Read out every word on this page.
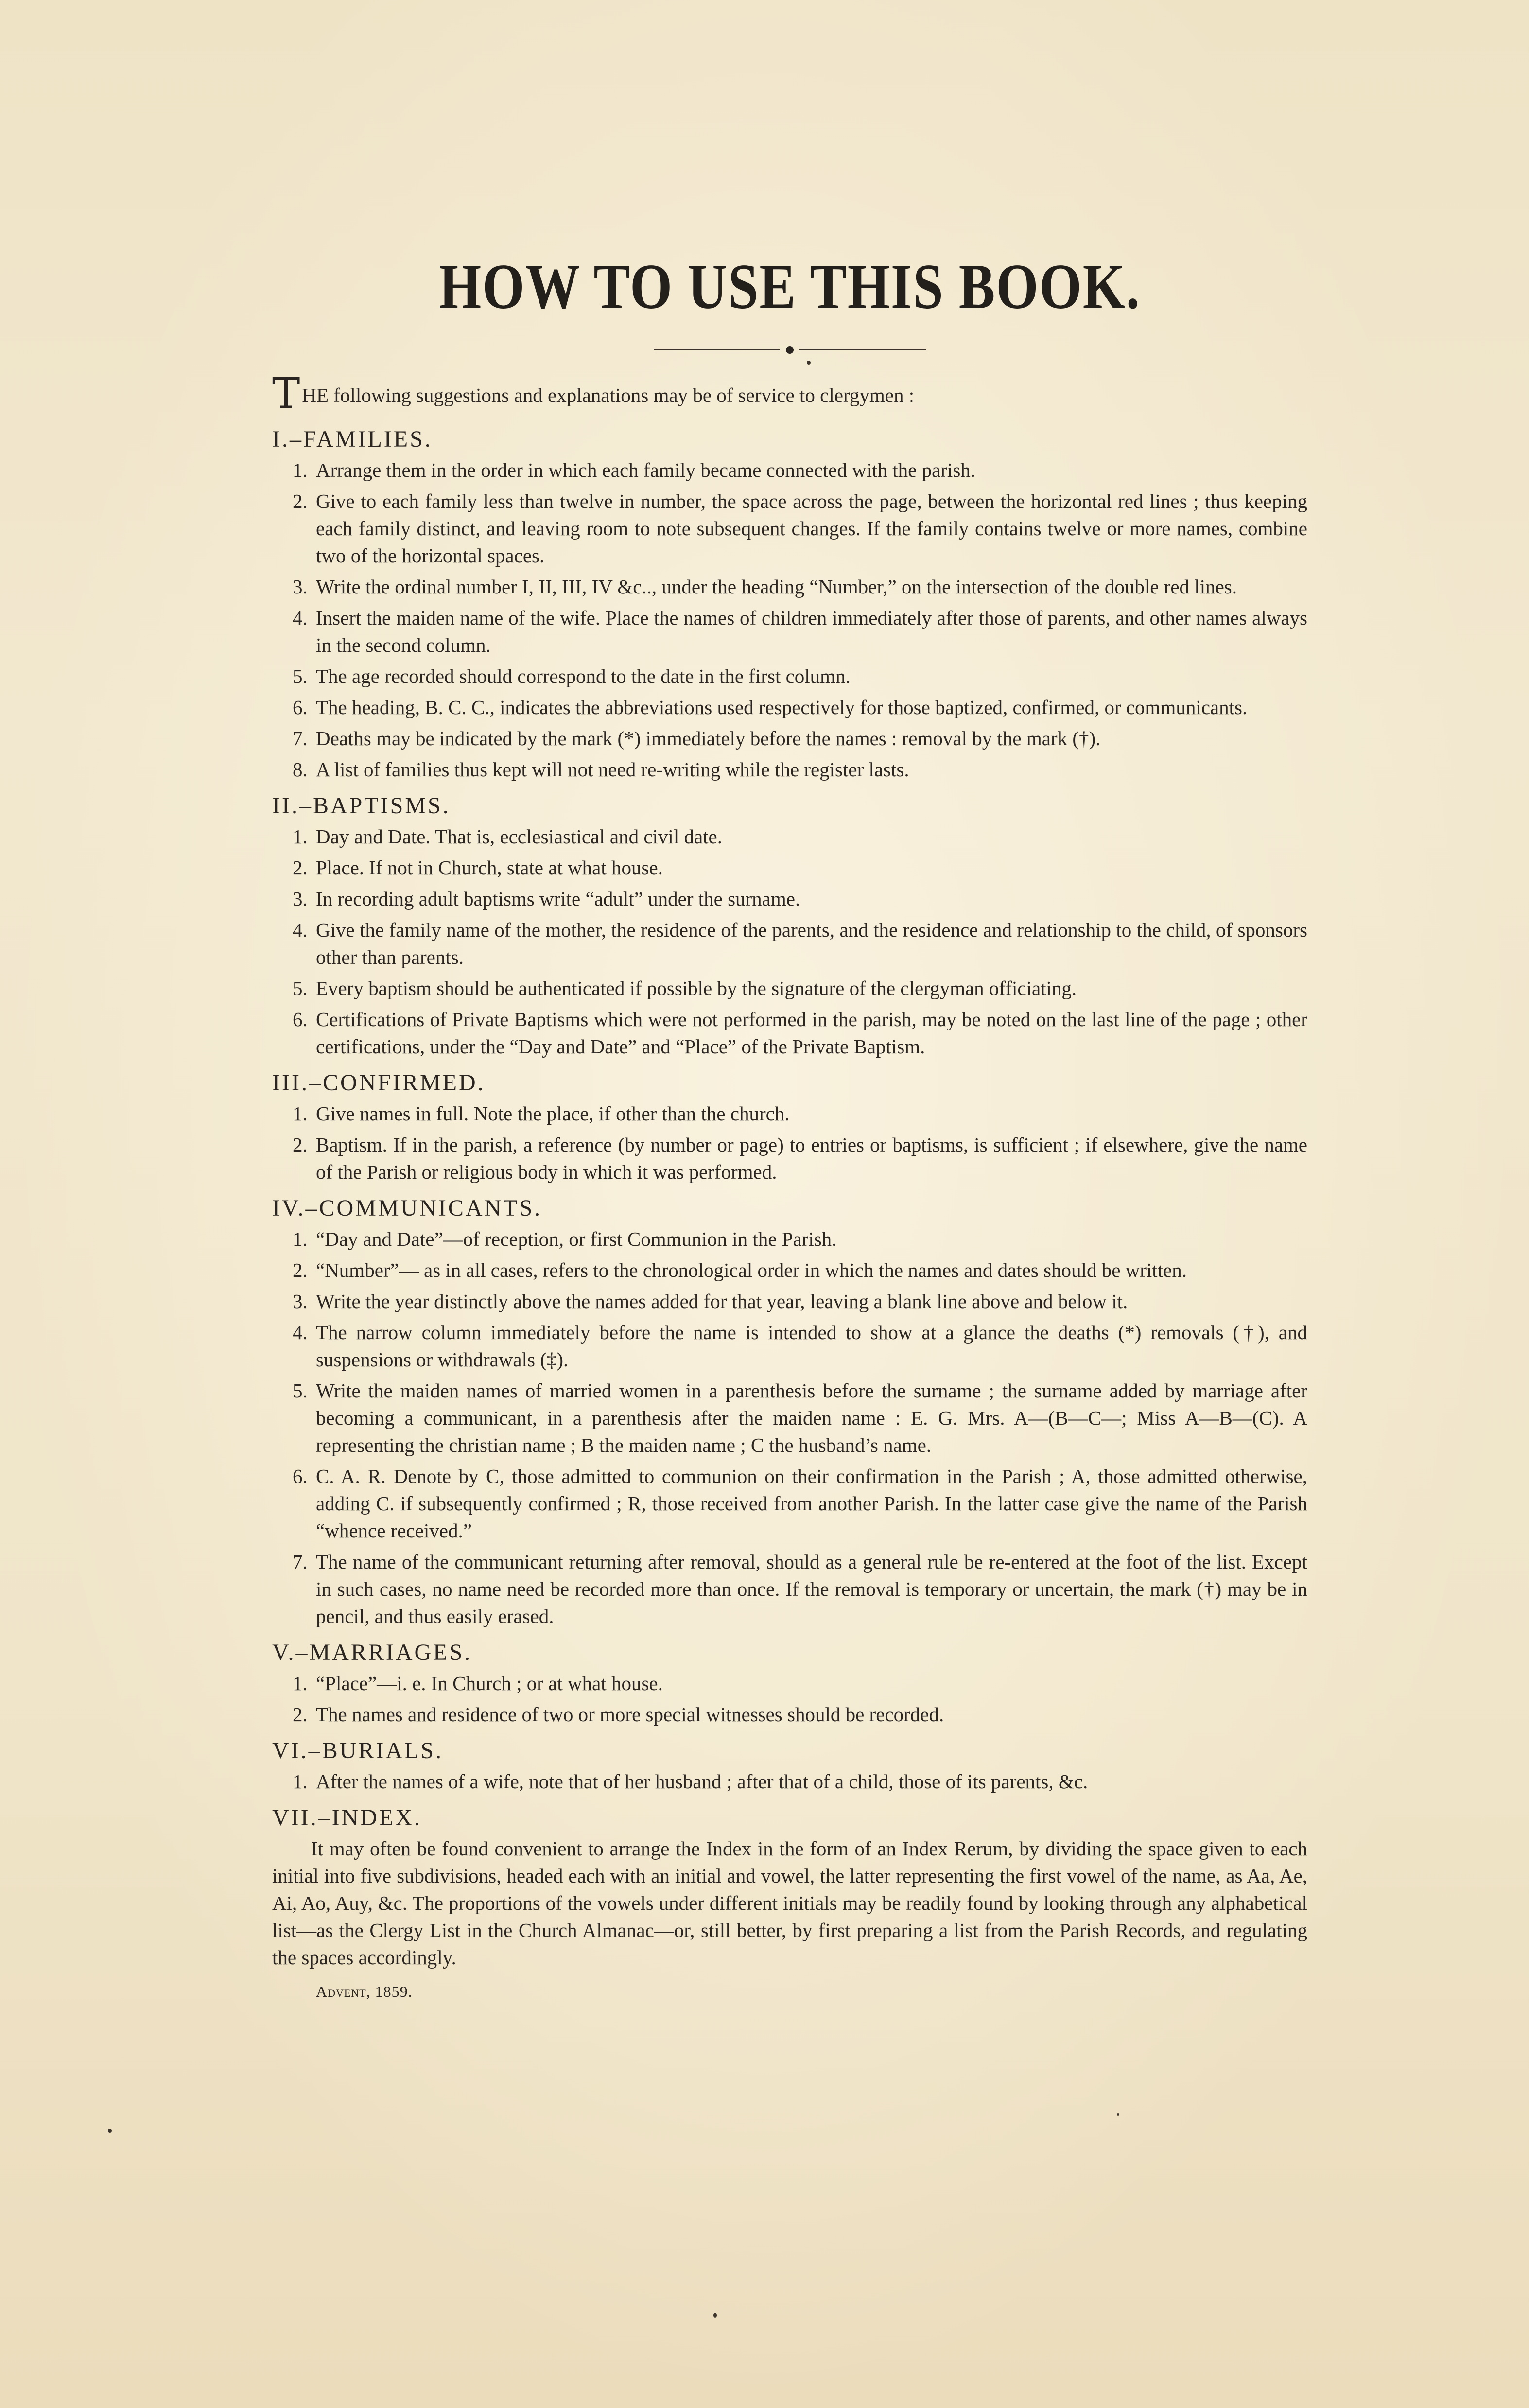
HOW TO USE THIS BOOK.

THE following suggestions and explanations may be of service to clergymen :

I.–FAMILIES.
1. Arrange them in the order in which each family became connected with the parish.
2. Give to each family less than twelve in number, the space across the page, between the horizontal red lines ; thus keeping each family distinct, and leaving room to note subsequent changes. If the family contains twelve or more names, combine two of the horizontal spaces.
3. Write the ordinal number I, II, III, IV &c.., under the heading “Number,” on the intersection of the double red lines.
4. Insert the maiden name of the wife. Place the names of children immediately after those of parents, and other names always in the second column.
5. The age recorded should correspond to the date in the first column.
6. The heading, B. C. C., indicates the abbreviations used respectively for those baptized, confirmed, or communicants.
7. Deaths may be indicated by the mark (*) immediately before the names : removal by the mark (†).
8. A list of families thus kept will not need re-writing while the register lasts.
II.–BAPTISMS.
1. Day and Date. That is, ecclesiastical and civil date.
2. Place. If not in Church, state at what house.
3. In recording adult baptisms write “adult” under the surname.
4. Give the family name of the mother, the residence of the parents, and the residence and relationship to the child, of sponsors other than parents.
5. Every baptism should be authenticated if possible by the signature of the clergyman officiating.
6. Certifications of Private Baptisms which were not performed in the parish, may be noted on the last line of the page ; other certifications, under the “Day and Date” and “Place” of the Private Baptism.
III.–CONFIRMED.
1. Give names in full. Note the place, if other than the church.
2. Baptism. If in the parish, a reference (by number or page) to entries or baptisms, is sufficient ; if elsewhere, give the name of the Parish or religious body in which it was performed.
IV.–COMMUNICANTS.
1. “Day and Date”—of reception, or first Communion in the Parish.
2. “Number”— as in all cases, refers to the chronological order in which the names and dates should be written.
3. Write the year distinctly above the names added for that year, leaving a blank line above and below it.
4. The narrow column immediately before the name is intended to show at a glance the deaths (*) removals (†), and suspensions or withdrawals (‡).
5. Write the maiden names of married women in a parenthesis before the surname ; the surname added by marriage after becoming a communicant, in a parenthesis after the maiden name : E. G. Mrs. A—(B—C—; Miss A—B—(C). A representing the christian name ; B the maiden name ; C the husband’s name.
6. C. A. R. Denote by C, those admitted to communion on their confirmation in the Parish ; A, those admitted otherwise, adding C. if subsequently confirmed ; R, those received from another Parish. In the latter case give the name of the Parish “whence received.”
7. The name of the communicant returning after removal, should as a general rule be re-entered at the foot of the list. Except in such cases, no name need be recorded more than once. If the removal is temporary or uncertain, the mark (†) may be in pencil, and thus easily erased.
V.–MARRIAGES.
1. “Place”—i. e. In Church ; or at what house.
2. The names and residence of two or more special witnesses should be recorded.
VI.–BURIALS.
1. After the names of a wife, note that of her husband ; after that of a child, those of its parents, &c.
VII.–INDEX.

It may often be found convenient to arrange the Index in the form of an Index Rerum, by dividing the space given to each initial into five subdivisions, headed each with an initial and vowel, the latter representing the first vowel of the name, as Aa, Ae, Ai, Ao, Auy, &c. The proportions of the vowels under different initials may be readily found by looking through any alphabetical list—as the Clergy List in the Church Almanac—or, still better, by first preparing a list from the Parish Records, and regulating the spaces accordingly.

Advent, 1859.
